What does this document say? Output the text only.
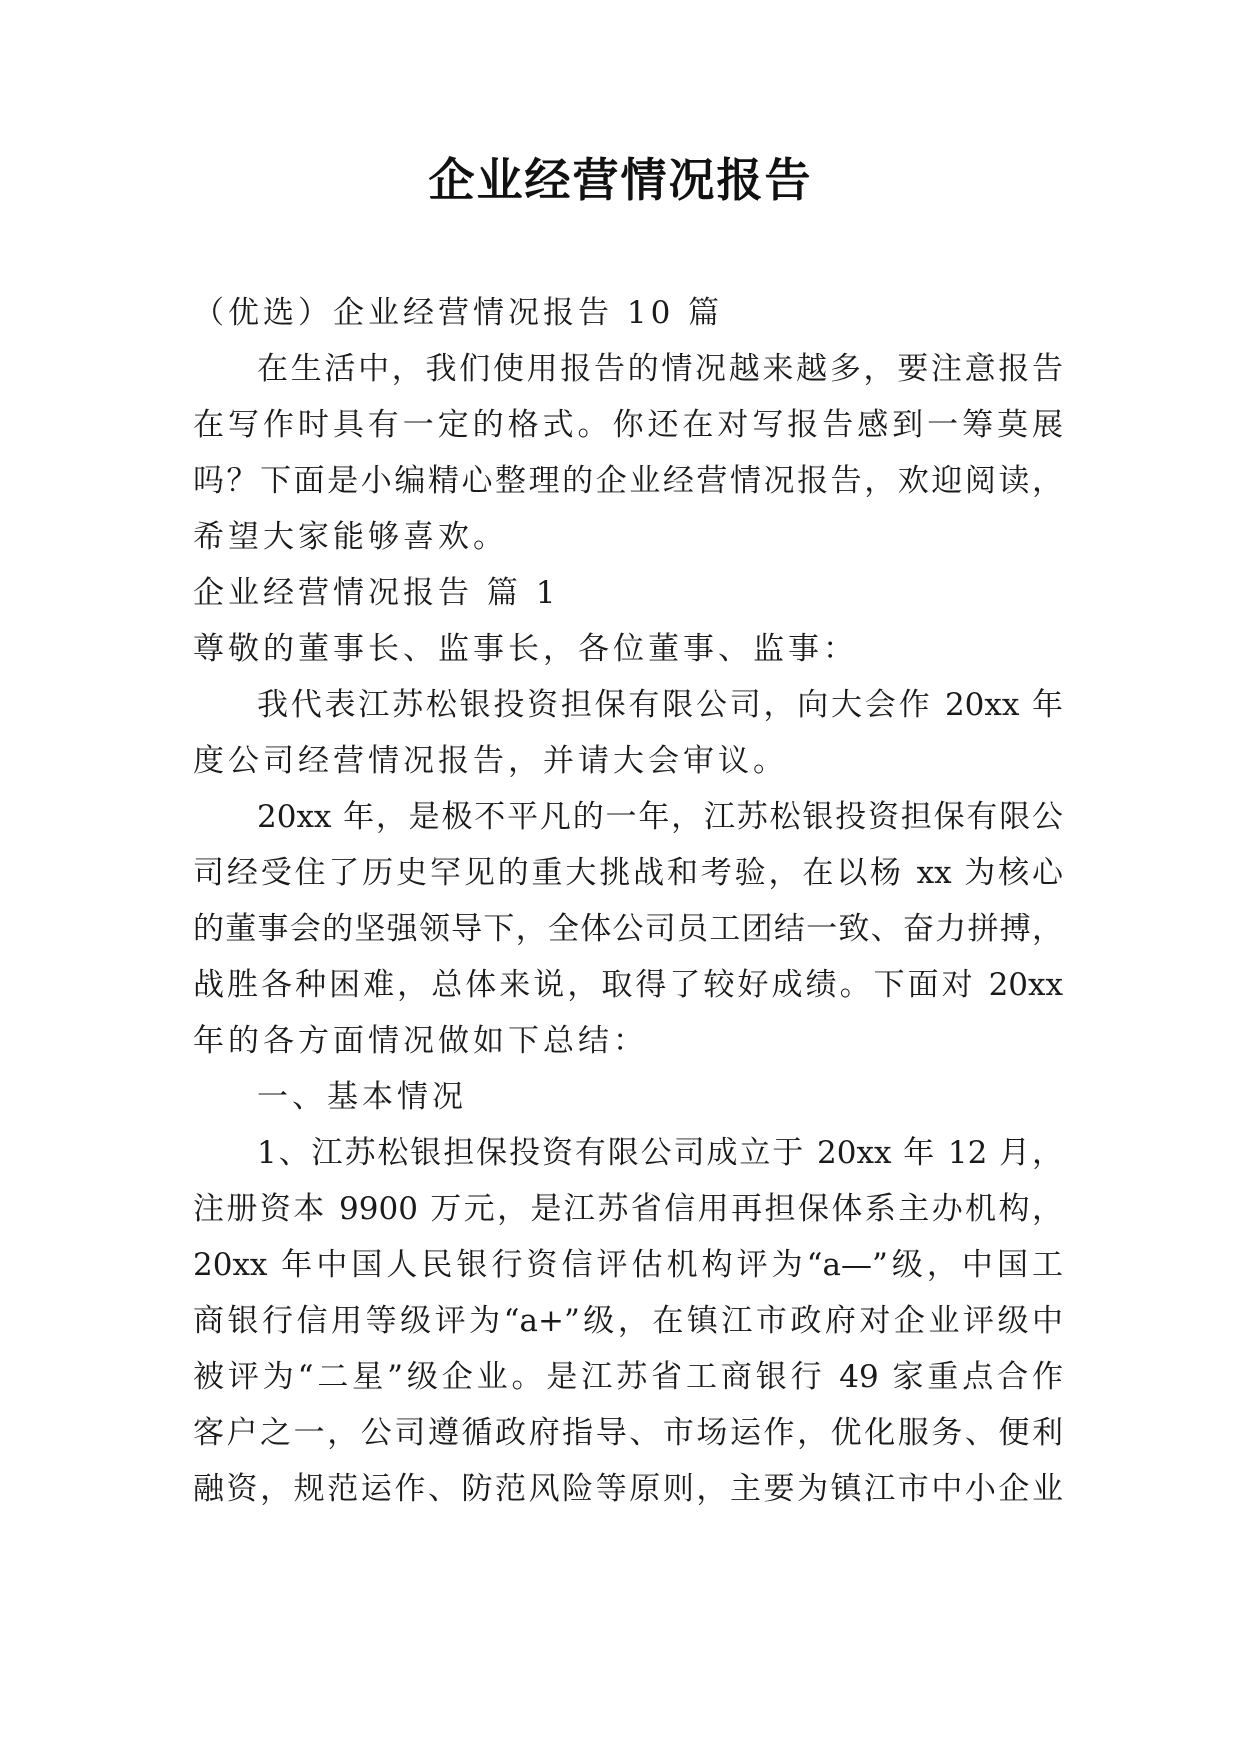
企业经营情况报告
（优选）企业经营情况报告 10 篇
在生活中，我们使用报告的情况越来越多，要注意报告
在写作时具有一定的格式。你还在对写报告感到一筹莫展
吗？下面是小编精心整理的企业经营情况报告，欢迎阅读，
希望大家能够喜欢。
企业经营情况报告 篇 1
尊敬的董事长、监事长，各位董事、监事：
我代表江苏松银投资担保有限公司，向大会作 20xx 年
度公司经营情况报告，并请大会审议。
20xx 年，是极不平凡的一年，江苏松银投资担保有限公
司经受住了历史罕见的重大挑战和考验，在以杨 xx 为核心
的董事会的坚强领导下，全体公司员工团结一致、奋力拼搏，
战胜各种困难，总体来说，取得了较好成绩。下面对 20xx
年的各方面情况做如下总结：
一、基本情况
1、江苏松银担保投资有限公司成立于 20xx 年 12 月，
注册资本 9900 万元，是江苏省信用再担保体系主办机构，
20xx 年中国人民银行资信评估机构评为“a—”级，中国工
商银行信用等级评为“a+”级，在镇江市政府对企业评级中
被评为“二星”级企业。是江苏省工商银行 49 家重点合作
客户之一，公司遵循政府指导、市场运作，优化服务、便利
融资，规范运作、防范风险等原则，主要为镇江市中小企业
